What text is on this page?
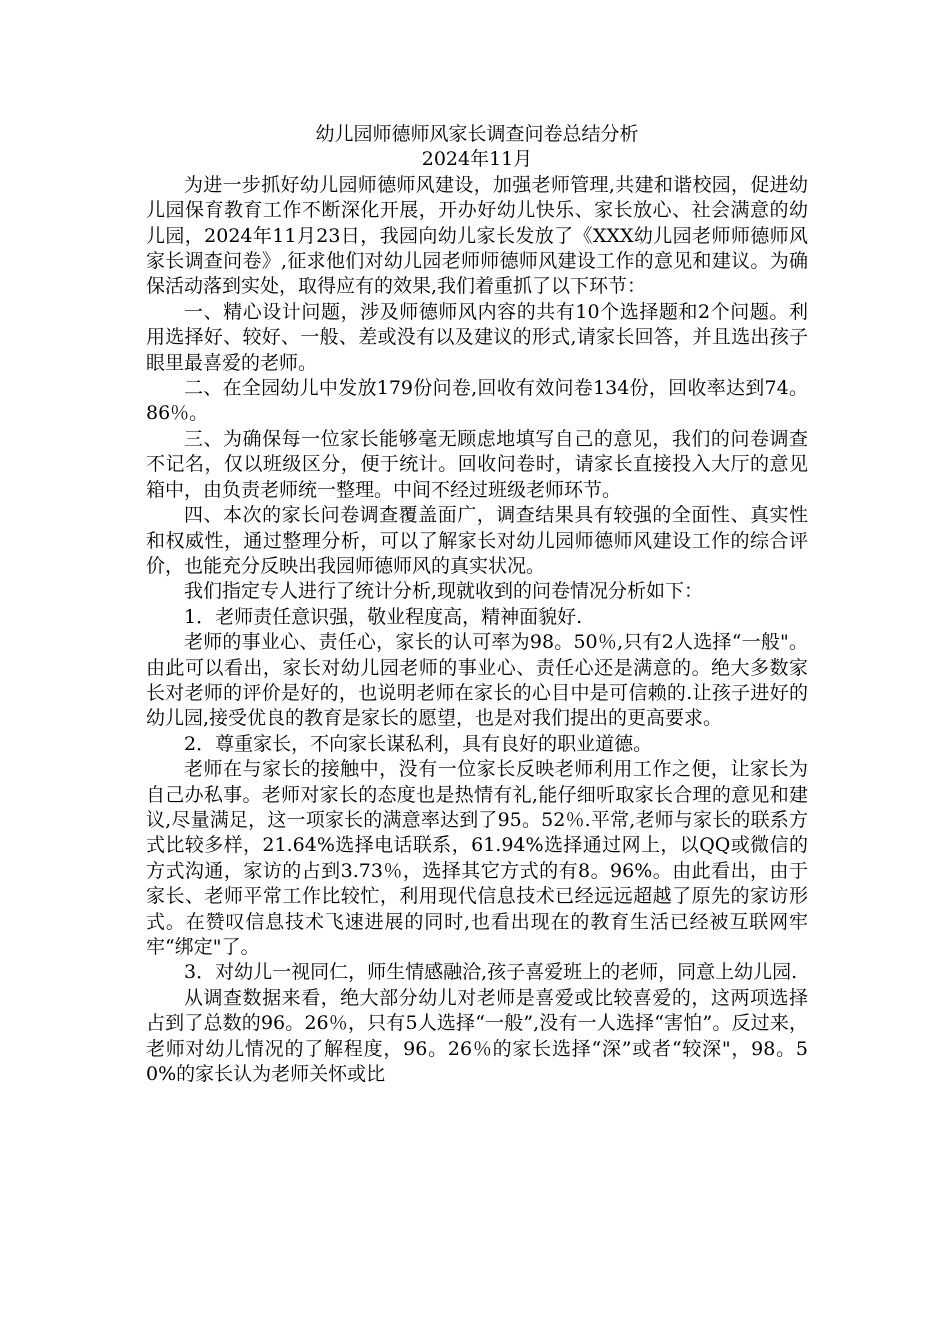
幼儿园师德师风家长调查问卷总结分析
2024年11月

为进一步抓好幼儿园师德师风建设，加强老师管理,共建和谐校园，促进幼儿园保育教育工作不断深化开展，开办好幼儿快乐、家长放心、社会满意的幼儿园，2024年11月23日，我园向幼儿家长发放了《XXX幼儿园老师师德师风家长调查问卷》,征求他们对幼儿园老师师德师风建设工作的意见和建议。为确保活动落到实处，取得应有的效果,我们着重抓了以下环节：

一、精心设计问题，涉及师德师风内容的共有10个选择题和2个问题。利用选择好、较好、一般、差或没有以及建议的形式,请家长回答，并且选出孩子眼里最喜爱的老师。

二、在全园幼儿中发放179份问卷,回收有效问卷134份，回收率达到74。86％。

三、为确保每一位家长能够毫无顾虑地填写自己的意见，我们的问卷调查不记名，仅以班级区分，便于统计。回收问卷时，请家长直接投入大厅的意见箱中，由负责老师统一整理。中间不经过班级老师环节。

四、本次的家长问卷调查覆盖面广，调查结果具有较强的全面性、真实性和权威性，通过整理分析，可以了解家长对幼儿园师德师风建设工作的综合评价，也能充分反映出我园师德师风的真实状况。

我们指定专人进行了统计分析,现就收到的问卷情况分析如下：

1．老师责任意识强，敬业程度高，精神面貌好.

老师的事业心、责任心，家长的认可率为98。50％,只有2人选择“一般"。由此可以看出，家长对幼儿园老师的事业心、责任心还是满意的。绝大多数家长对老师的评价是好的，也说明老师在家长的心目中是可信赖的.让孩子进好的幼儿园,接受优良的教育是家长的愿望，也是对我们提出的更高要求。

2．尊重家长，不向家长谋私利，具有良好的职业道德。

老师在与家长的接触中，没有一位家长反映老师利用工作之便，让家长为自己办私事。老师对家长的态度也是热情有礼,能仔细听取家长合理的意见和建议,尽量满足，这一项家长的满意率达到了95。52％.平常,老师与家长的联系方式比较多样，21.64%选择电话联系，61.94%选择通过网上，以QQ或微信的方式沟通，家访的占到3.73％，选择其它方式的有8。96%。由此看出，由于家长、老师平常工作比较忙，利用现代信息技术已经远远超越了原先的家访形式。在赞叹信息技术飞速进展的同时,也看出现在的教育生活已经被互联网牢牢“绑定"了。

3．对幼儿一视同仁，师生情感融洽,孩子喜爱班上的老师，同意上幼儿园.

从调查数据来看，绝大部分幼儿对老师是喜爱或比较喜爱的，这两项选择占到了总数的96。26％，只有5人选择“一般”,没有一人选择“害怕”。反过来，老师对幼儿情况的了解程度，96。26％的家长选择“深”或者“较深"，98。50%的家长认为老师关怀或比
